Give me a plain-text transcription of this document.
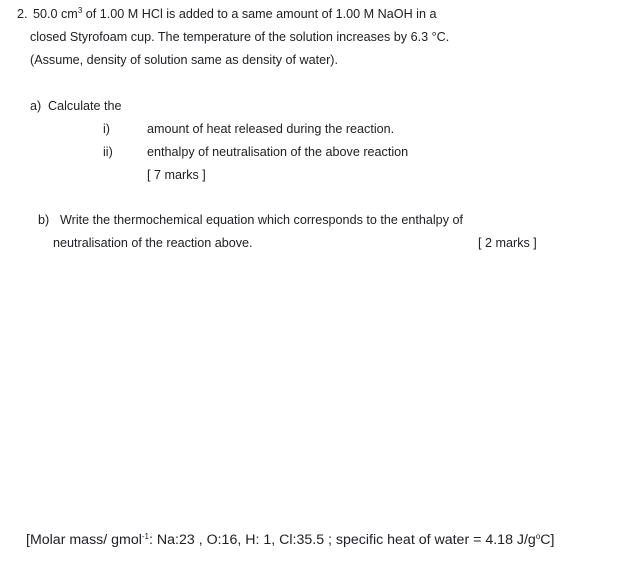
2. 50.0 $cm^3$ of 1.00 M HCl is added to a same amount of 1.00 M NaOH in a
closed Styrofoam cup. The temperature of the solution increases by 6.3 °C.
(Assume, density of solution same as density of water).
a) Calculate the
i)	amount of heat released during the reaction.
ii)	enthalpy of neutralisation of the above reaction
[ 7 marks ]
b) Write the thermochemical equation which corresponds to the enthalpy of
neutralisation of the reaction above.	[ 2 marks ]
[Molar mass/ gmol$^{-1}$: Na:23 , O:16, H: 1, Cl:35.5 ; specific heat of water = 4.18 $J/g^oC$]
